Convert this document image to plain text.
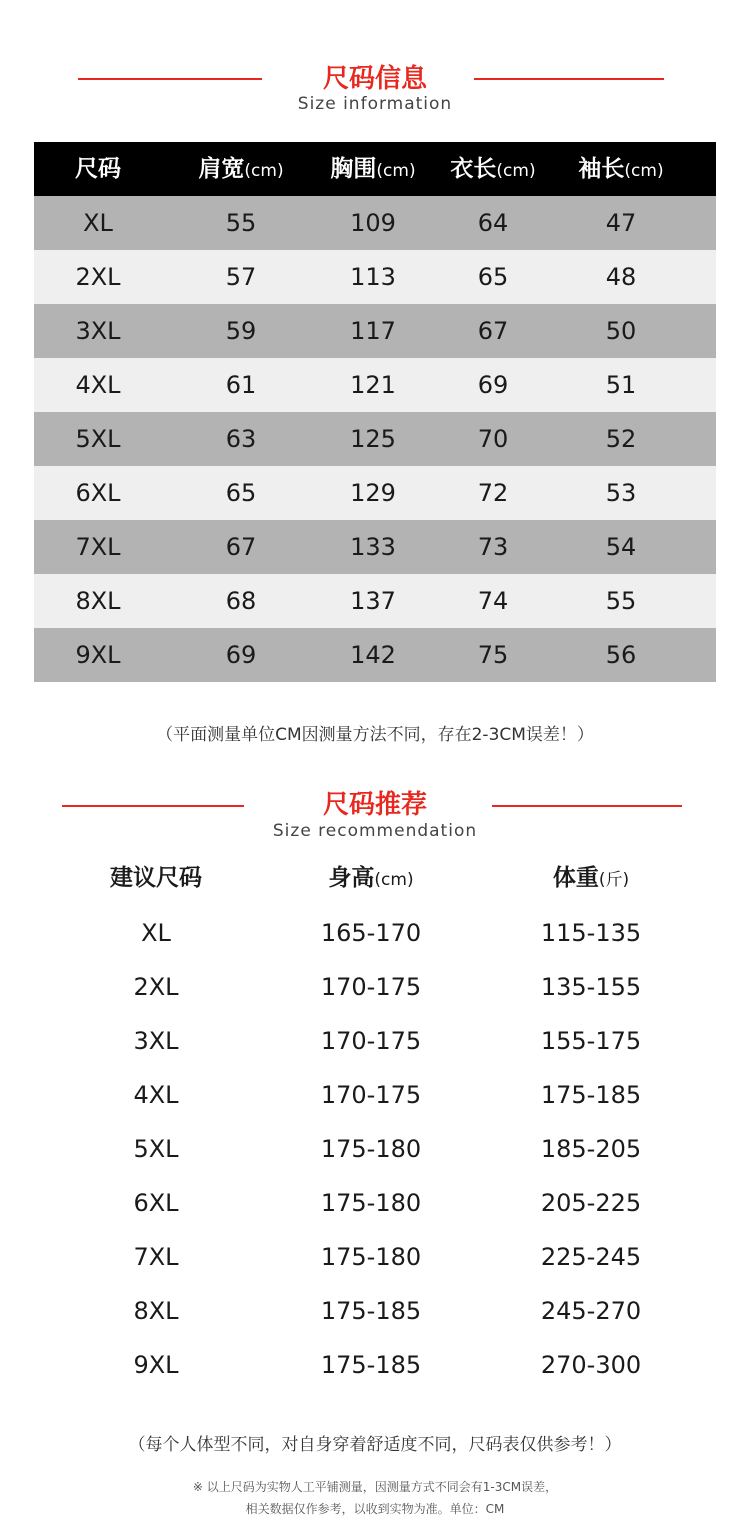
尺码信息
Size information
尺码	肩宽(cm)	胸围(cm)	衣长(cm)	袖长(cm)
XL	55	109	64	47
2XL	57	113	65	48
3XL	59	117	67	50
4XL	61	121	69	51
5XL	63	125	70	52
6XL	65	129	72	53
7XL	67	133	73	54
8XL	68	137	74	55
9XL	69	142	75	56
（平面测量单位CM因测量方法不同，存在2-3CM误差！）
尺码推荐
Size recommendation
建议尺码	身高(cm)	体重(斤)
XL	165-170	115-135
2XL	170-175	135-155
3XL	170-175	155-175
4XL	170-175	175-185
5XL	175-180	185-205
6XL	175-180	205-225
7XL	175-180	225-245
8XL	175-185	245-270
9XL	175-185	270-300
（每个人体型不同，对自身穿着舒适度不同，尺码表仅供参考！）
※ 以上尺码为实物人工平铺测量，因测量方式不同会有1-3CM误差，
相关数据仅作参考，以收到实物为准。单位：CM
